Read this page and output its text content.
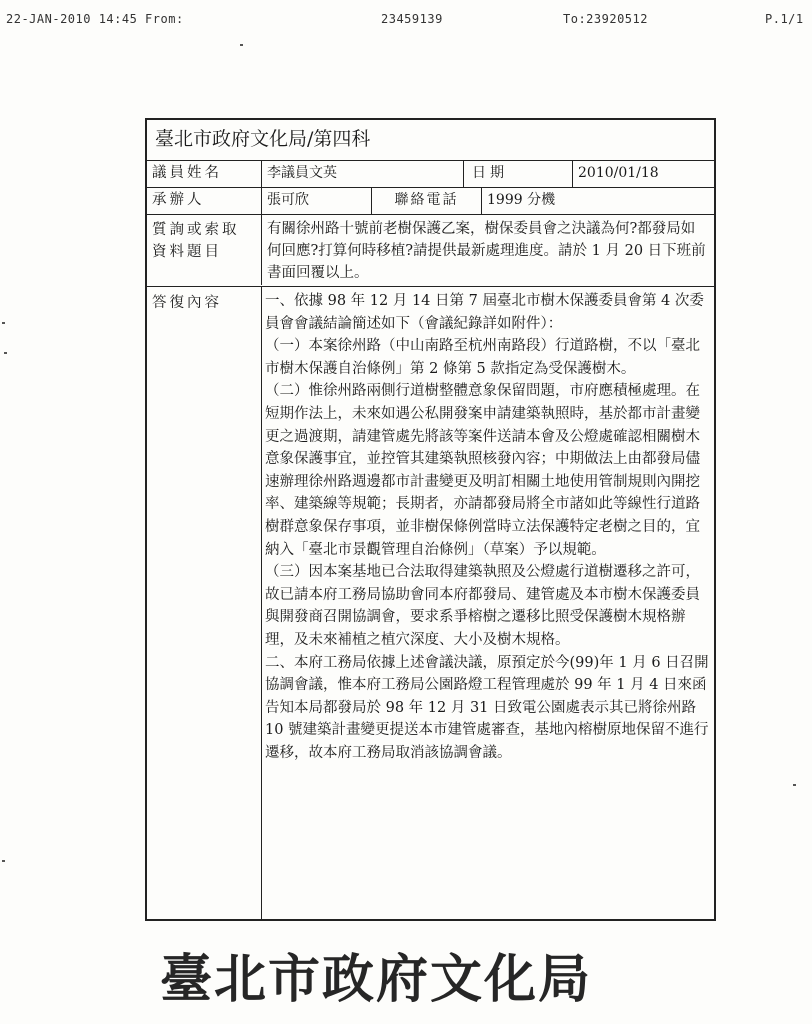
22-JAN-2010 14:45 From:	23459139	To:23920512	P.1/1
臺北市政府文化局/第四科
議員姓名	李議員文英	日期	2010/01/18
承辦人	張可欣	聯絡電話	1999 分機
質詢或索取資料題目
有關徐州路十號前老樹保護乙案，樹保委員會之決議為何?都發局如何回應?打算何時移植?請提供最新處理進度。請於 1 月 20 日下班前書面回覆以上。
答復內容	一、依據 98 年 12 月 14 日第 7 屆臺北市樹木保護委員會第 4 次委員會會議結論簡述如下（會議紀錄詳如附件）：

（一）本案徐州路（中山南路至杭州南路段）行道路樹，不以「臺北市樹木保護自治條例」第 2 條第 5 款指定為受保護樹木。

（二）惟徐州路兩側行道樹整體意象保留問題，市府應積極處理。在短期作法上，未來如遇公私開發案申請建築執照時，基於都市計畫變更之過渡期，請建管處先將該等案件送請本會及公燈處確認相關樹木意象保護事宜，並控管其建築執照核發內容；中期做法上由都發局儘速辦理徐州路週邊都市計畫變更及明訂相關土地使用管制規則內開挖率、建築線等規範；長期者，亦請都發局將全市諸如此等線性行道路樹群意象保存事項，並非樹保條例當時立法保護特定老樹之目的，宜納入「臺北市景觀管理自治條例」（草案）予以規範。

（三）因本案基地已合法取得建築執照及公燈處行道樹遷移之許可，故已請本府工務局協助會同本府都發局、建管處及本市樹木保護委員與開發商召開協調會，要求系爭榕樹之遷移比照受保護樹木規格辦理，及未來補植之植穴深度、大小及樹木規格。

二、本府工務局依據上述會議決議，原預定於今(99)年 1 月 6 日召開協調會議，惟本府工務局公園路燈工程管理處於 99 年 1 月 4 日來函告知本局都發局於 98 年 12 月 31 日致電公園處表示其已將徐州路 10 號建築計畫變更提送本市建管處審查，基地內榕樹原地保留不進行遷移，故本府工務局取消該協調會議。

臺北市政府文化局
